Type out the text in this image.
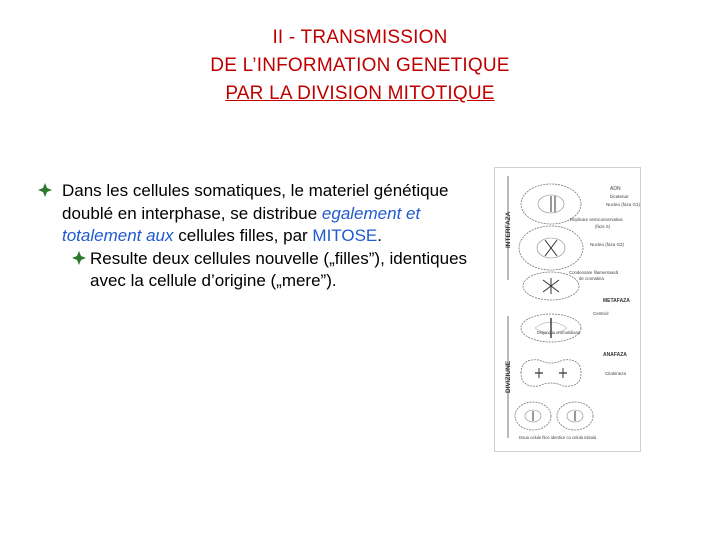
II - TRANSMISSION
DE L’INFORMATION GENETIQUE
PAR LA DIVISION MITOTIQUE
Dans les cellules somatiques, le materiel génétique doublé en interphase, se distribue egalement et totalement aux cellules filles, par MITOSE.
Resulte deux cellules nouvelle („filles”), identiques avec la cellule d’origine („mere”).
INTERFAZA
DIVIZIUNE
ADN
bicatenar
Nucleu (faza G1)
Replicare semiconservativa
(faza S)
Nucleu (faza G2)
Condensare filamentoasă
de cromatina
METAFAZA
Centriol
Disjunctie cromatidiana
ANAFAZA
Citokineza
Doua celule fiice identice cu celula initiala
